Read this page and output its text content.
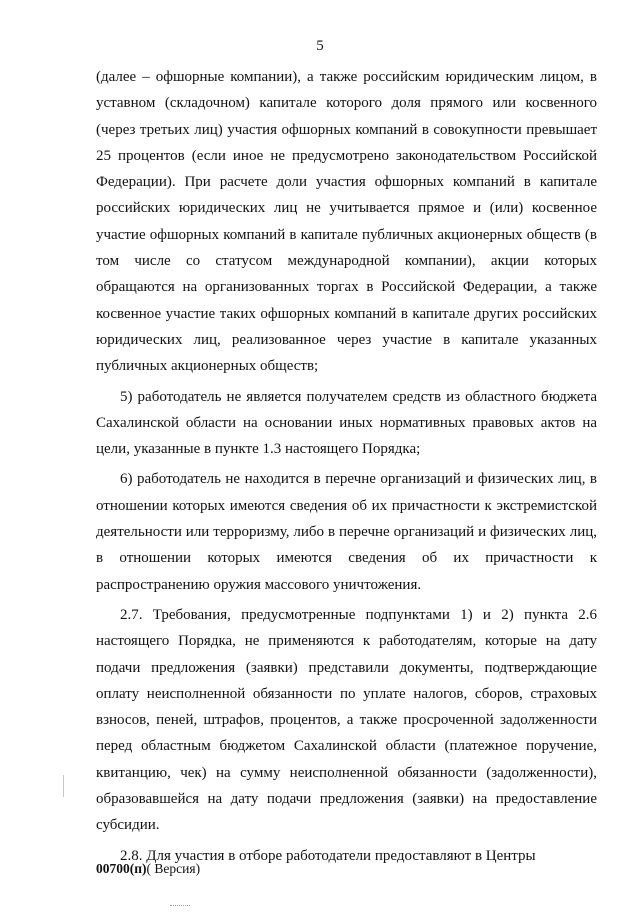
5

(далее – офшорные компании), а также российским юридическим лицом, в уставном (складочном) капитале которого доля прямого или косвенного (через третьих лиц) участия офшорных компаний в совокупности превышает 25 процентов (если иное не предусмотрено законодательством Российской Федерации). При расчете доли участия офшорных компаний в капитале российских юридических лиц не учитывается прямое и (или) косвенное участие офшорных компаний в капитале публичных акционерных обществ (в том числе со статусом международной компании), акции которых обращаются на организованных торгах в Российской Федерации, а также косвенное участие таких офшорных компаний в капитале других российских юридических лиц, реализованное через участие в капитале указанных публичных акционерных обществ;

5) работодатель не является получателем средств из областного бюджета Сахалинской области на основании иных нормативных правовых актов на цели, указанные в пункте 1.3 настоящего Порядка;

6) работодатель не находится в перечне организаций и физических лиц, в отношении которых имеются сведения об их причастности к экстремистской деятельности или терроризму, либо в перечне организаций и физических лиц, в отношении которых имеются сведения об их причастности к распространению оружия массового уничтожения.

2.7. Требования, предусмотренные подпунктами 1) и 2) пункта 2.6 настоящего Порядка, не применяются к работодателям, которые на дату подачи предложения (заявки) представили документы, подтверждающие оплату неисполненной обязанности по уплате налогов, сборов, страховых взносов, пеней, штрафов, процентов, а также просроченной задолженности перед областным бюджетом Сахалинской области (платежное поручение, квитанцию, чек) на сумму неисполненной обязанности (задолженности), образовавшейся на дату подачи предложения (заявки) на предоставление субсидии.

2.8. Для участия в отборе работодатели предоставляют в Центры

00700(п)( Версия)
